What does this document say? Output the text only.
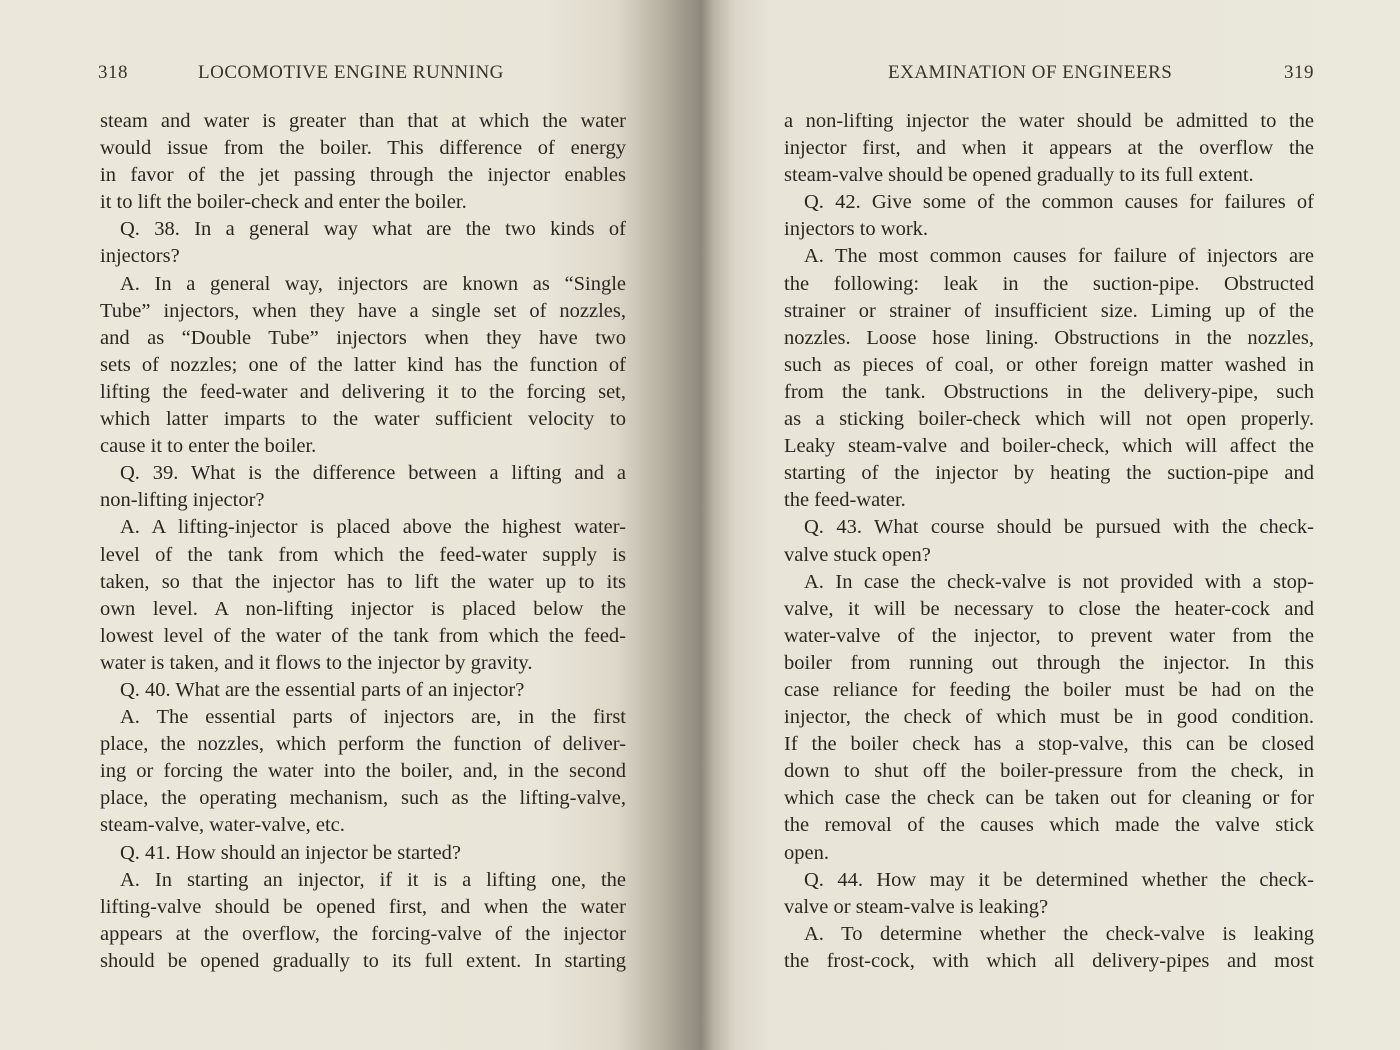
318	LOCOMOTIVE ENGINE RUNNING
steam and water is greater than that at which the water
would issue from the boiler. This difference of energy
in favor of the jet passing through the injector enables
it to lift the boiler-check and enter the boiler.
Q. 38. In a general way what are the two kinds of
injectors?
A. In a general way, injectors are known as “Single
Tube” injectors, when they have a single set of nozzles,
and as “Double Tube” injectors when they have two
sets of nozzles; one of the latter kind has the function of
lifting the feed-water and delivering it to the forcing set,
which latter imparts to the water sufficient velocity to
cause it to enter the boiler.
Q. 39. What is the difference between a lifting and a
non-lifting injector?
A. A lifting-injector is placed above the highest water-
level of the tank from which the feed-water supply is
taken, so that the injector has to lift the water up to its
own level. A non-lifting injector is placed below the
lowest level of the water of the tank from which the feed-
water is taken, and it flows to the injector by gravity.
Q. 40. What are the essential parts of an injector?
A. The essential parts of injectors are, in the first
place, the nozzles, which perform the function of deliver-
ing or forcing the water into the boiler, and, in the second
place, the operating mechanism, such as the lifting-valve,
steam-valve, water-valve, etc.
Q. 41. How should an injector be started?
A. In starting an injector, if it is a lifting one, the
lifting-valve should be opened first, and when the water
appears at the overflow, the forcing-valve of the injector
should be opened gradually to its full extent. In starting
EXAMINATION OF ENGINEERS	319
a non-lifting injector the water should be admitted to the
injector first, and when it appears at the overflow the
steam-valve should be opened gradually to its full extent.
Q. 42. Give some of the common causes for failures of
injectors to work.
A. The most common causes for failure of injectors are
the following: leak in the suction-pipe. Obstructed
strainer or strainer of insufficient size. Liming up of the
nozzles. Loose hose lining. Obstructions in the nozzles,
such as pieces of coal, or other foreign matter washed in
from the tank. Obstructions in the delivery-pipe, such
as a sticking boiler-check which will not open properly.
Leaky steam-valve and boiler-check, which will affect the
starting of the injector by heating the suction-pipe and
the feed-water.
Q. 43. What course should be pursued with the check-
valve stuck open?
A. In case the check-valve is not provided with a stop-
valve, it will be necessary to close the heater-cock and
water-valve of the injector, to prevent water from the
boiler from running out through the injector. In this
case reliance for feeding the boiler must be had on the
injector, the check of which must be in good condition.
If the boiler check has a stop-valve, this can be closed
down to shut off the boiler-pressure from the check, in
which case the check can be taken out for cleaning or for
the removal of the causes which made the valve stick
open.
Q. 44. How may it be determined whether the check-
valve or steam-valve is leaking?
A. To determine whether the check-valve is leaking
the frost-cock, with which all delivery-pipes and most
